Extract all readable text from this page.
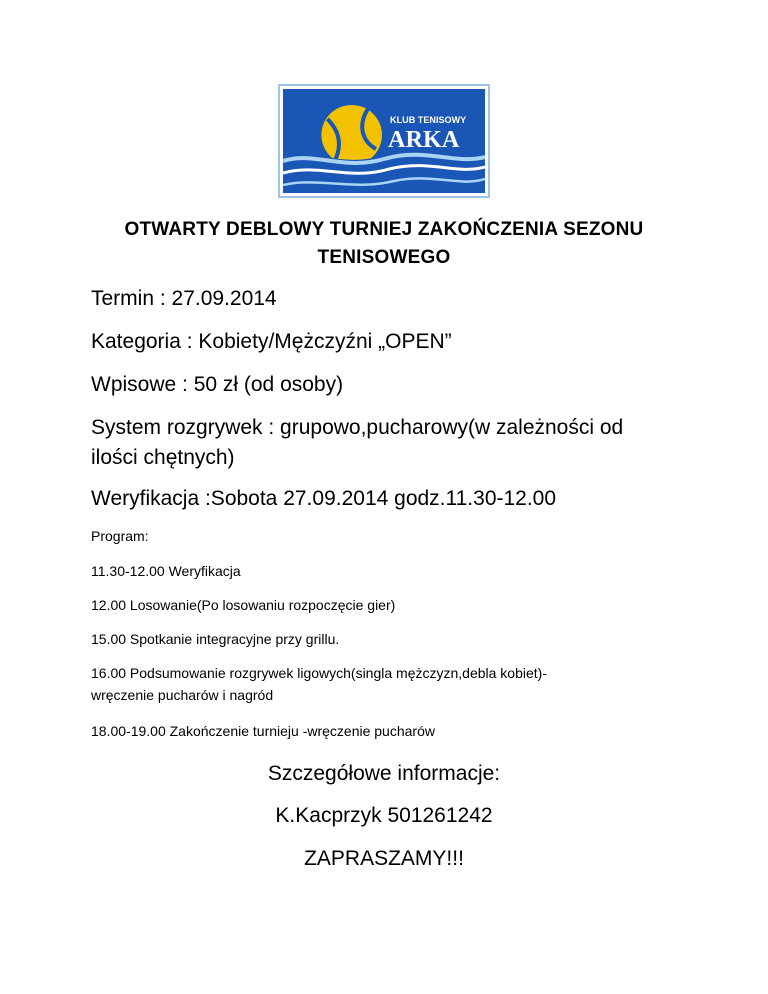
KLUB TENISOWY
ARKA
OTWARTY DEBLOWY TURNIEJ ZAKOŃCZENIA SEZONU
TENISOWEGO
Termin : 27.09.2014
Kategoria : Kobiety/Mężczyźni „OPEN”
Wpisowe : 50 zł (od osoby)
System rozgrywek : grupowo,pucharowy(w zależności od
ilości chętnych)
Weryfikacja :Sobota 27.09.2014 godz.11.30-12.00
Program:
11.30-12.00 Weryfikacja
12.00 Losowanie(Po losowaniu rozpoczęcie gier)
15.00 Spotkanie integracyjne przy grillu.
16.00 Podsumowanie rozgrywek ligowych(singla mężczyzn,debla kobiet)-
wręczenie pucharów i nagród
18.00-19.00 Zakończenie turnieju -wręczenie pucharów
Szczegółowe informacje:
K.Kacprzyk 501261242
ZAPRASZAMY!!!
